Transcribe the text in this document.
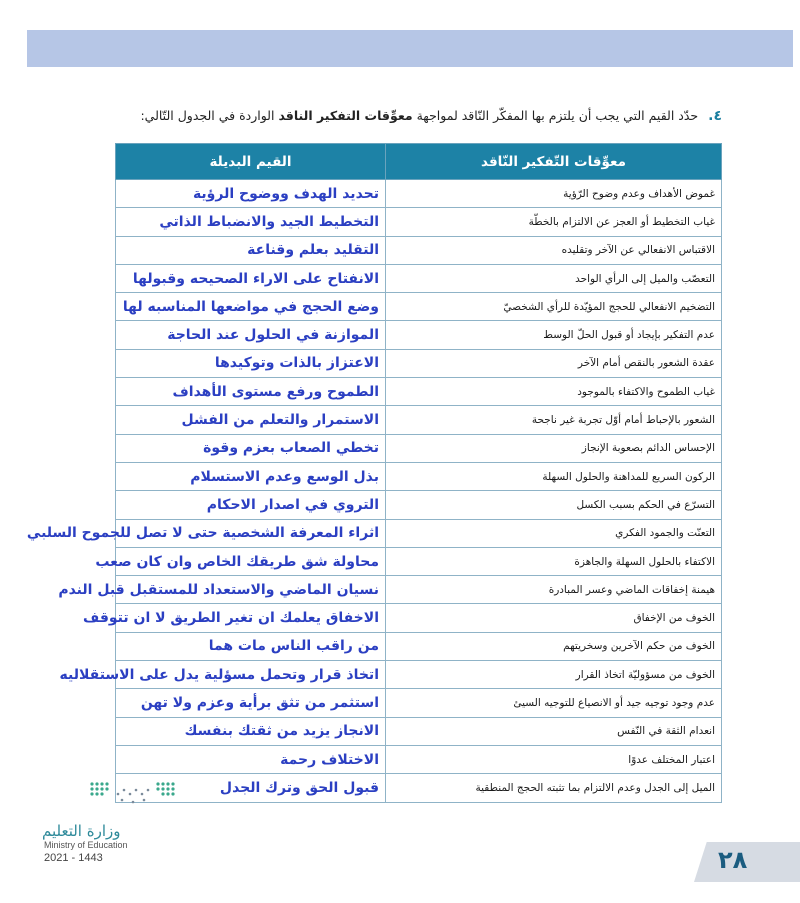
٤. حدّد القيم التي يجب أن يلتزم بها المفكّر النّاقد لمواجهة معوِّقات التفكير الناقد الواردة في الجدول التّالي:
معوِّقات التّفكير النّاقد	القيم البديلة
غموض الأهداف وعدم وضوح الرّؤية	تحديد الهدف ووضوح الرؤية
غياب التخطيط أو العجز عن الالتزام بالخطّة	التخطيط الجيد والانضباط الذاتي
الاقتباس الانفعالي عن الآخر وتقليده	التقليد بعلم وقناعة
التعصّب والميل إلى الرأي الواحد	الانفتاح على الاراء الصحيحه وقبولها
التضخيم الانفعالي للحجج المؤيّدة للرأي الشخصيّ	وضع الحجج في مواضعها المناسبه لها
عدم التفكير بإيجاد أو قبول الحلّ الوسط	الموازنة في الحلول عند الحاجة
عقدة الشعور بالنقص أمام الآخر	الاعتزاز بالذات وتوكيدها
غياب الطموح والاكتفاء بالموجود	الطموح ورفع مستوى الأهداف
الشعور بالإحباط أمام أوّل تجربة غير ناجحة	الاستمرار والتعلم من الفشل
الإحساس الدائم بصعوبة الإنجاز	تخطي الصعاب بعزم وقوة
الركون السريع للمداهنة والحلول السهلة	بذل الوسع وعدم الاستسلام
التسرّع في الحكم بسبب الكسل	التروي في اصدار الاحكام
التعنّت والجمود الفكري	اثراء المعرفة الشخصية حتى لا تصل للجموح السلبي
الاكتفاء بالحلول السهلة والجاهزة	محاولة شق طريقك الخاص وان كان صعب
هيمنة إخفاقات الماضي وعسر المبادرة	نسيان الماضي والاستعداد للمستقبل قبل الندم
الخوف من الإخفاق	الاخفاق يعلمك ان تغير الطريق لا ان تتوقف
الخوف من حكم الآخرين وسخريتهم	من راقب الناس مات هما
الخوف من مسؤوليّة اتخاذ القرار	اتخاذ قرار وتحمل مسؤلية يدل على الاستقلاليه
عدم وجود توجيه جيد أو الانصياع للتوجيه السيئ	استثمر من تثق برأية وعزم ولا تهن
انعدام الثقة في النّفس	الانجاز يزيد من ثقتك بنفسك
اعتبار المختلف عدوًا	الاختلاف رحمة
الميل إلى الجدل وعدم الالتزام بما تثبته الحجج المنطقية	قبول الحق وترك الجدل
وزارة التعليم
Ministry of Education
2021 - 1443	٢٨
